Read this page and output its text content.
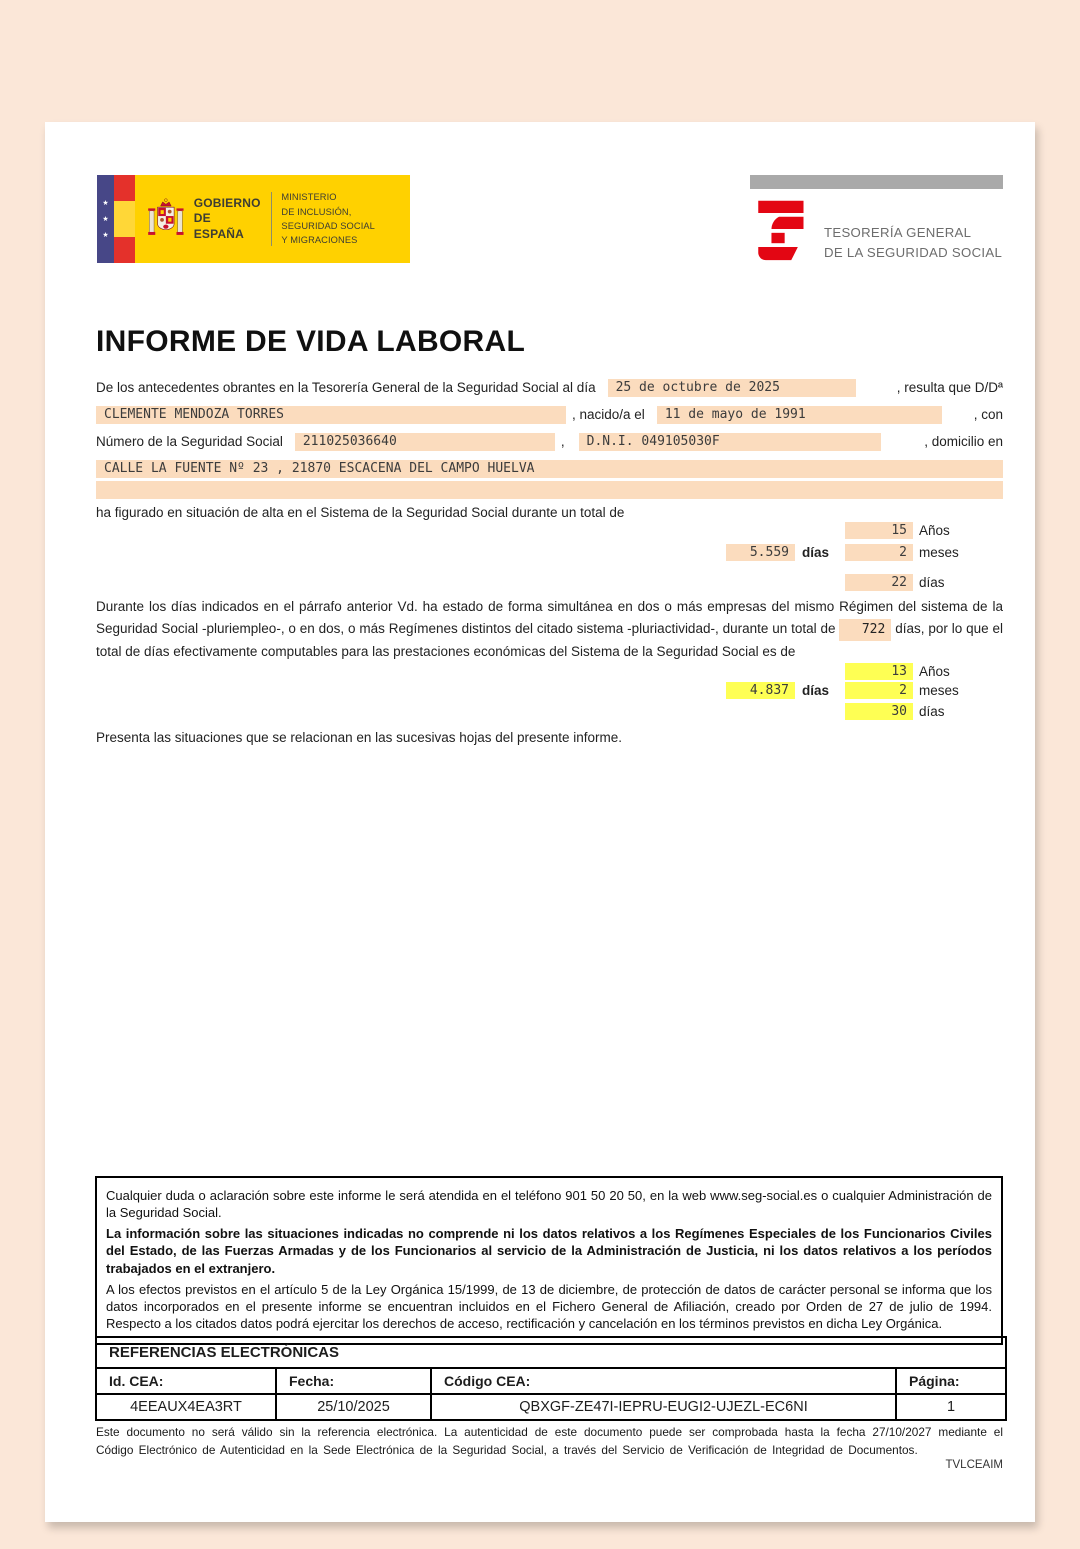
★
★
★
GOBIERNO
DE ESPAÑA
MINISTERIO
DE INCLUSIÓN, SEGURIDAD SOCIAL
Y MIGRACIONES
TESORERÍA GENERAL
DE LA SEGURIDAD SOCIAL
INFORME DE VIDA LABORAL
De los antecedentes obrantes en la Tesorería General de la Seguridad Social al día	25 de octubre de 2025	, resulta que D/Dª
CLEMENTE MENDOZA TORRES	, nacido/a el	11 de mayo de 1991	, con
Número de la Seguridad Social	211025036640	,	D.N.I. 049105030F	, domicilio en
CALLE LA FUENTE Nº 23 , 21870 ESCACENA DEL CAMPO HUELVA
ha figurado en situación de alta en el Sistema de la Seguridad Social durante un total de
15 Años
5.559 días	2 meses
22 días
Durante los días indicados en el párrafo anterior Vd. ha estado de forma simultánea en dos o más empresas del mismo Régimen del sistema de la Seguridad Social -pluriempleo-, o en dos, o más Regímenes distintos del citado sistema -pluriactividad-, durante un total de 722 días, por lo que el total de días efectivamente computables para las prestaciones económicas del Sistema de la Seguridad Social es de
13 Años
4.837 días	2 meses
30 días
Presenta las situaciones que se relacionan en las sucesivas hojas del presente informe.

Cualquier duda o aclaración sobre este informe le será atendida en el teléfono 901 50 20 50, en la web www.seg-social.es o cualquier Administración de la Seguridad Social.

La información sobre las situaciones indicadas no comprende ni los datos relativos a los Regímenes Especiales de los Funcionarios Civiles del Estado, de las Fuerzas Armadas y de los Funcionarios al servicio de la Administración de Justicia, ni los datos relativos a los períodos trabajados en el extranjero.

A los efectos previstos en el artículo 5 de la Ley Orgánica 15/1999, de 13 de diciembre, de protección de datos de carácter personal se informa que los datos incorporados en el presente informe se encuentran incluidos en el Fichero General de Afiliación, creado por Orden de 27 de julio de 1994. Respecto a los citados datos podrá ejercitar los derechos de acceso, rectificación y cancelación en los términos previstos en dicha Ley Orgánica.

REFERENCIAS ELECTRÓNICAS			
Id. CEA:	Fecha:	Código CEA:	Página:
4EEAUX4EA3RT	25/10/2025	QBXGF-ZE47I-IEPRU-EUGI2-UJEZL-EC6NI	1
Este documento no será válido sin la referencia electrónica. La autenticidad de este documento puede ser comprobada hasta la fecha 27/10/2027 mediante el Código Electrónico de Autenticidad en la Sede Electrónica de la Seguridad Social, a través del Servicio de Verificación de Integridad de Documentos.
TVLCEAIM
